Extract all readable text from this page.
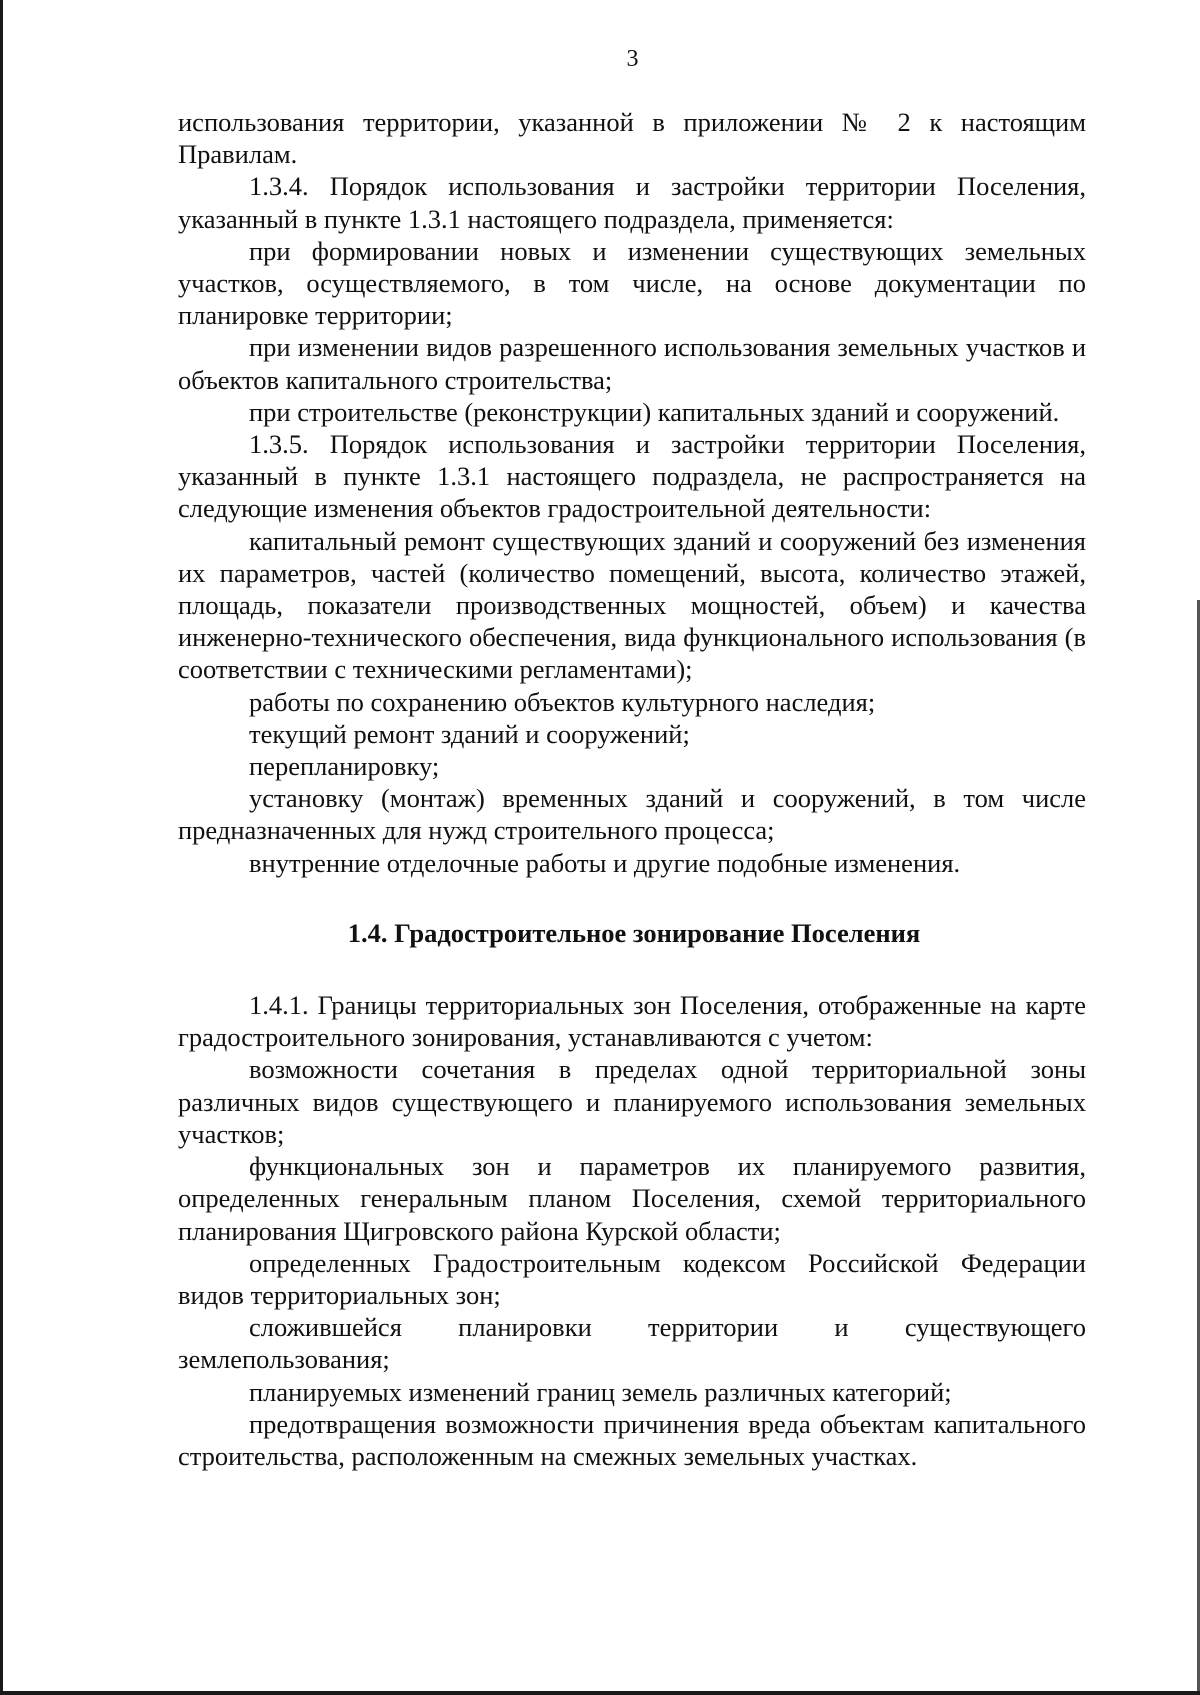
3

использования территории, указанной в приложении № 2 к настоящим Правилам.

1.3.4. Порядок использования и застройки территории Поселения, указанный в пункте 1.3.1 настоящего подраздела, применяется:

при формировании новых и изменении существующих земельных участков, осуществляемого, в том числе, на основе документации по планировке территории;

при изменении видов разрешенного использования земельных участков и объектов капитального строительства;

при строительстве (реконструкции) капитальных зданий и сооружений.

1.3.5. Порядок использования и застройки территории Поселения, указанный в пункте 1.3.1 настоящего подраздела, не распространяется на следующие изменения объектов градостроительной деятельности:

капитальный ремонт существующих зданий и сооружений без изменения их параметров, частей (количество помещений, высота, количество этажей, площадь, показатели производственных мощностей, объем) и качества инженерно-технического обеспечения, вида функционального использования (в соответствии с техническими регламентами);

работы по сохранению объектов культурного наследия;

текущий ремонт зданий и сооружений;

перепланировку;

установку (монтаж) временных зданий и сооружений, в том числе предназначенных для нужд строительного процесса;

внутренние отделочные работы и другие подобные изменения.

1.4. Градостроительное зонирование Поселения

1.4.1. Границы территориальных зон Поселения, отображенные на карте градостроительного зонирования, устанавливаются с учетом:

возможности сочетания в пределах одной территориальной зоны различных видов существующего и планируемого использования земельных участков;

функциональных зон и параметров их планируемого развития, определенных генеральным планом Поселения, схемой территориального планирования Щигровского района Курской области;

определенных Градостроительным кодексом Российской Федерации видов территориальных зон;

сложившейся планировки территории и существующего землепользования;

планируемых изменений границ земель различных категорий;

предотвращения возможности причинения вреда объектам капитального строительства, расположенным на смежных земельных участках.
